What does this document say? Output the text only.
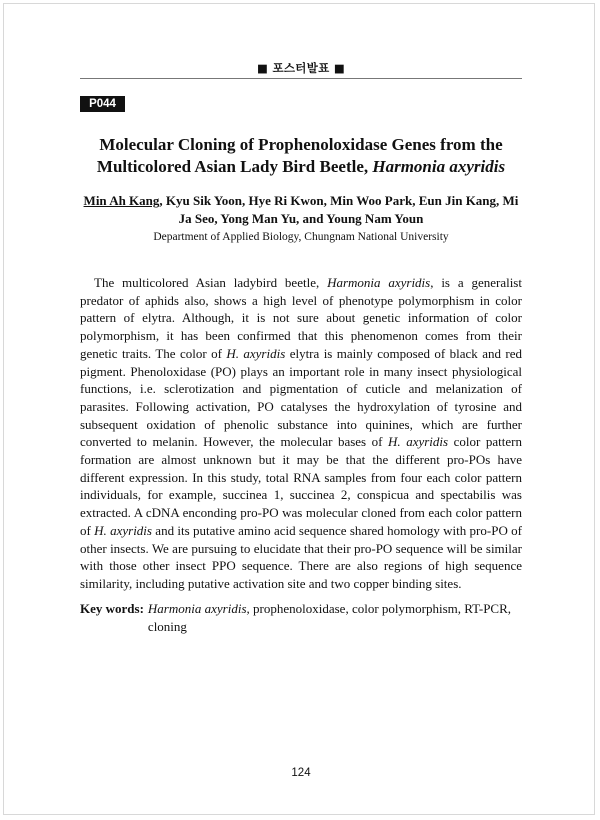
■ 포스터발표 ■
P044
Molecular Cloning of Prophenoloxidase Genes from the Multicolored Asian Lady Bird Beetle, Harmonia axyridis
Min Ah Kang, Kyu Sik Yoon, Hye Ri Kwon, Min Woo Park, Eun Jin Kang, Mi Ja Seo, Yong Man Yu, and Young Nam Youn
Department of Applied Biology, Chungnam National University

The multicolored Asian ladybird beetle, Harmonia axyridis, is a generalist predator of aphids also, shows a high level of phenotype polymorphism in color pattern of elytra. Although, it is not sure about genetic information of color polymorphism, it has been confirmed that this phenomenon comes from their genetic traits. The color of H. axyridis elytra is mainly composed of black and red pigment. Phenoloxidase (PO) plays an important role in many insect physiological functions, i.e. sclerotization and pigmentation of cuticle and melanization of parasites. Following activation, PO catalyses the hydroxylation of tyrosine and subsequent oxidation of phenolic substance into quinines, which are further converted to melanin. However, the molecular bases of H. axyridis color pattern formation are almost unknown but it may be that the different pro-POs have different expression. In this study, total RNA samples from four each color pattern individuals, for example, succinea 1, succinea 2, conspicua and spectabilis was extracted. A cDNA enconding pro-PO was molecular cloned from each color pattern of H. axyridis and its putative amino acid sequence shared homology with pro-PO of other insects. We are pursuing to elucidate that their pro-PO sequence will be similar with those other insect PPO sequence. There are also regions of high sequence similarity, including putative activation site and two copper binding sites.

Key words: Harmonia axyridis, prophenoloxidase, color polymorphism, RT-PCR, cloning
124
